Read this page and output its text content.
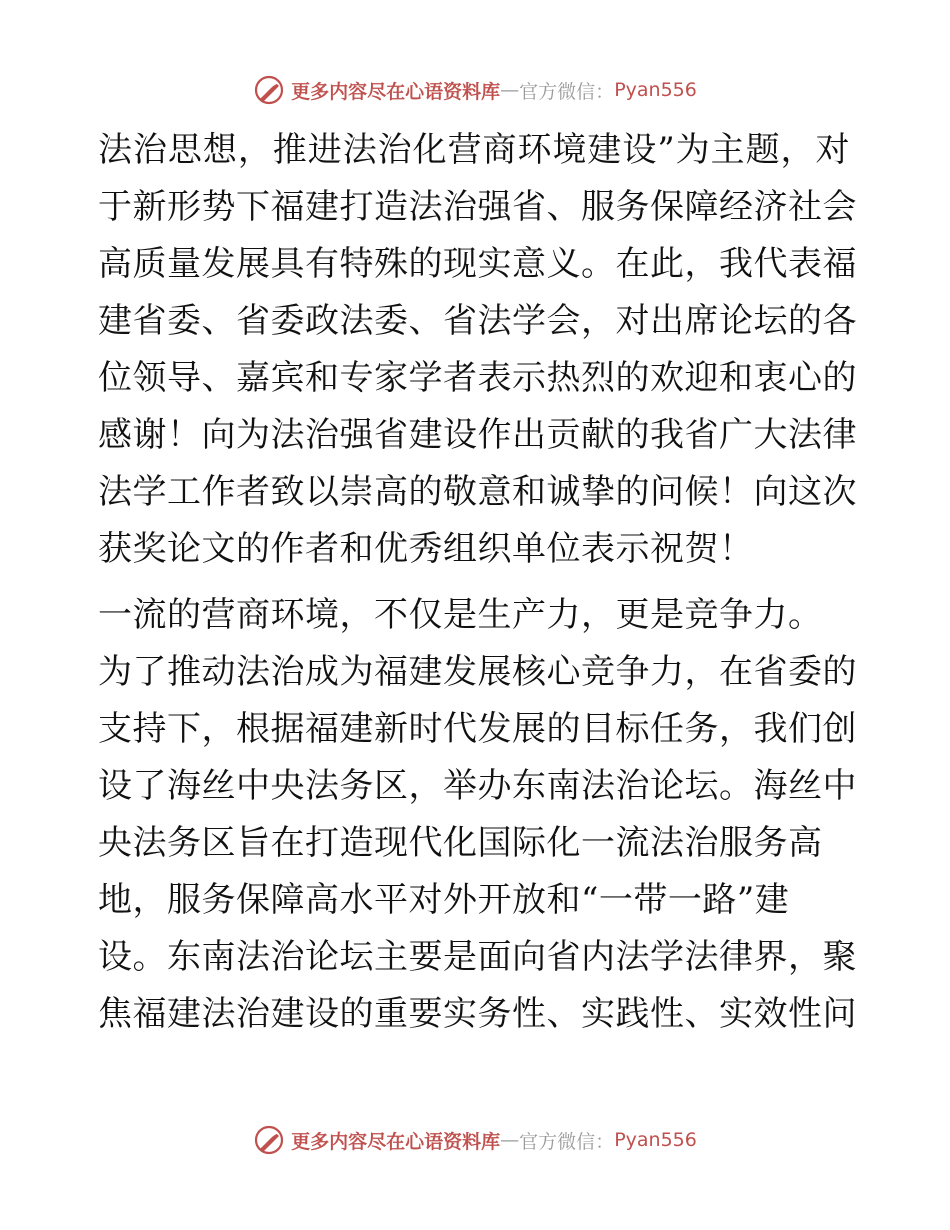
更多内容尽在心语资料库 — 官方微信： Pyan556
法治思想，推进法治化营商环境建设”为主题，对
于新形势下福建打造法治强省、服务保障经济社会
高质量发展具有特殊的现实意义。在此，我代表福
建省委、省委政法委、省法学会，对出席论坛的各
位领导、嘉宾和专家学者表示热烈的欢迎和衷心的
感谢！向为法治强省建设作出贡献的我省广大法律
法学工作者致以崇高的敬意和诚挚的问候！向这次
获奖论文的作者和优秀组织单位表示祝贺！
一流的营商环境，不仅是生产力，更是竞争力。
为了推动法治成为福建发展核心竞争力，在省委的
支持下，根据福建新时代发展的目标任务，我们创
设了海丝中央法务区，举办东南法治论坛。海丝中
央法务区旨在打造现代化国际化一流法治服务高
地，服务保障高水平对外开放和“一带一路”建
设。东南法治论坛主要是面向省内法学法律界，聚
焦福建法治建设的重要实务性、实践性、实效性问
更多内容尽在心语资料库 — 官方微信： Pyan556
